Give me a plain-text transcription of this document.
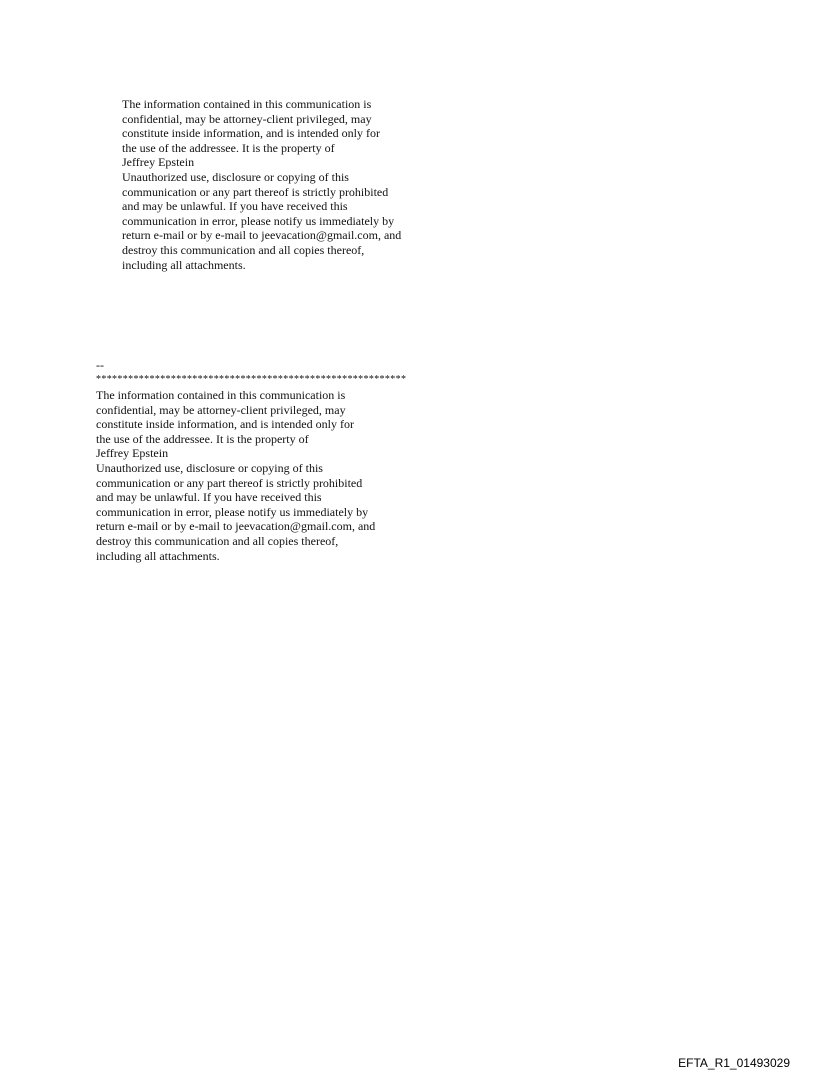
The information contained in this communication is
confidential, may be attorney-client privileged, may
constitute inside information, and is intended only for
the use of the addressee. It is the property of
Jeffrey Epstein
Unauthorized use, disclosure or copying of this
communication or any part thereof is strictly prohibited
and may be unlawful. If you have received this
communication in error, please notify us immediately by
return e-mail or by e-mail to jeevacation@gmail.com, and
destroy this communication and all copies thereof,
including all attachments.
--
**********************************************************
The information contained in this communication is
confidential, may be attorney-client privileged, may
constitute inside information, and is intended only for
the use of the addressee. It is the property of
Jeffrey Epstein
Unauthorized use, disclosure or copying of this
communication or any part thereof is strictly prohibited
and may be unlawful. If you have received this
communication in error, please notify us immediately by
return e-mail or by e-mail to jeevacation@gmail.com, and
destroy this communication and all copies thereof,
including all attachments.
EFTA_R1_01493029
